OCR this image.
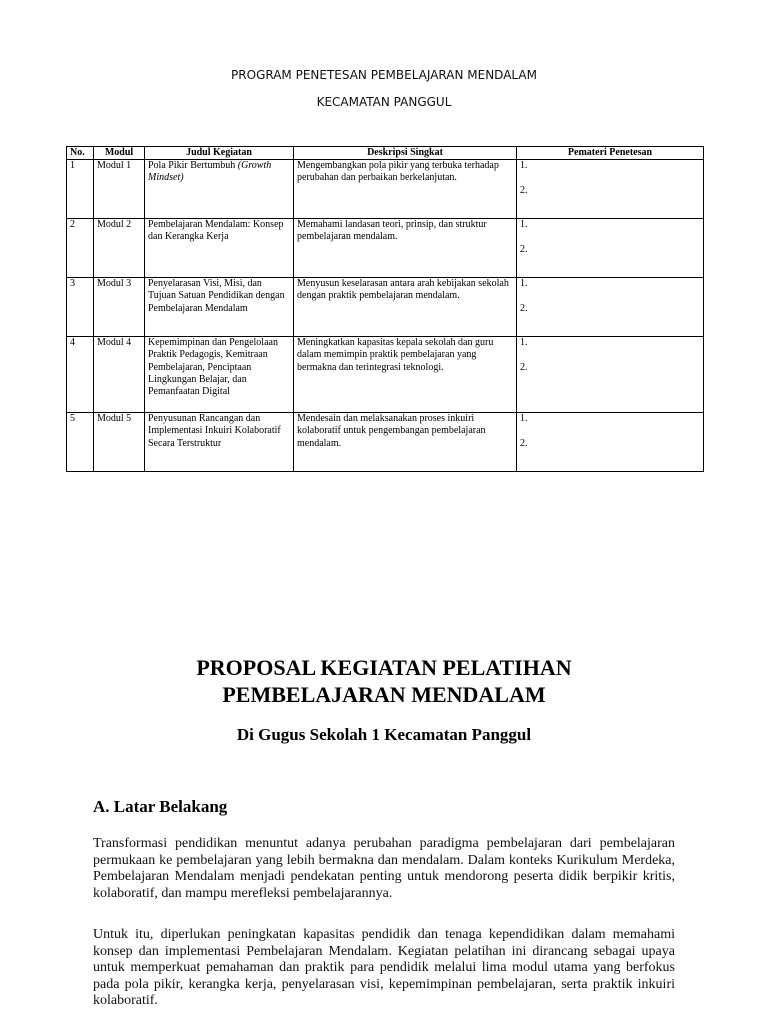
PROGRAM PENETESAN PEMBELAJARAN MENDALAM
KECAMATAN PANGGUL
No.	Modul	Judul Kegiatan	Deskripsi Singkat	Pemateri Penetesan
1	Modul 1	Pola Pikir Bertumbuh (Growth Mindset)	Mengembangkan pola pikir yang terbuka terhadap perubahan dan perbaikan berkelanjutan.	1.
2.

2	Modul 2	Pembelajaran Mendalam: Konsep dan Kerangka Kerja	Memahami landasan teori, prinsip, dan struktur pembelajaran mendalam.	1.
2.

3	Modul 3	Penyelarasan Visi, Misi, dan Tujuan Satuan Pendidikan dengan Pembelajaran Mendalam	Menyusun keselarasan antara arah kebijakan sekolah dengan praktik pembelajaran mendalam.	1.
2.

4	Modul 4	Kepemimpinan dan Pengelolaan Praktik Pedagogis, Kemitraan Pembelajaran, Penciptaan Lingkungan Belajar, dan Pemanfaatan Digital	Meningkatkan kapasitas kepala sekolah dan guru dalam memimpin praktik pembelajaran yang bermakna dan terintegrasi teknologi.	1.
2.

5	Modul 5	Penyusunan Rancangan dan Implementasi Inkuiri Kolaboratif Secara Terstruktur	Mendesain dan melaksanakan proses inkuiri kolaboratif untuk pengembangan pembelajaran mendalam.	1.
2.
PROPOSAL KEGIATAN PELATIHAN
PEMBELAJARAN MENDALAM
Di Gugus Sekolah 1 Kecamatan Panggul
A. Latar Belakang
Transformasi pendidikan menuntut adanya perubahan paradigma pembelajaran dari pembelajaran permukaan ke pembelajaran yang lebih bermakna dan mendalam. Dalam konteks Kurikulum Merdeka, Pembelajaran Mendalam menjadi pendekatan penting untuk mendorong peserta didik berpikir kritis, kolaboratif, dan mampu merefleksi pembelajarannya.
Untuk itu, diperlukan peningkatan kapasitas pendidik dan tenaga kependidikan dalam memahami konsep dan implementasi Pembelajaran Mendalam. Kegiatan pelatihan ini dirancang sebagai upaya untuk memperkuat pemahaman dan praktik para pendidik melalui lima modul utama yang berfokus pada pola pikir, kerangka kerja, penyelarasan visi, kepemimpinan pembelajaran, serta praktik inkuiri kolaboratif.
